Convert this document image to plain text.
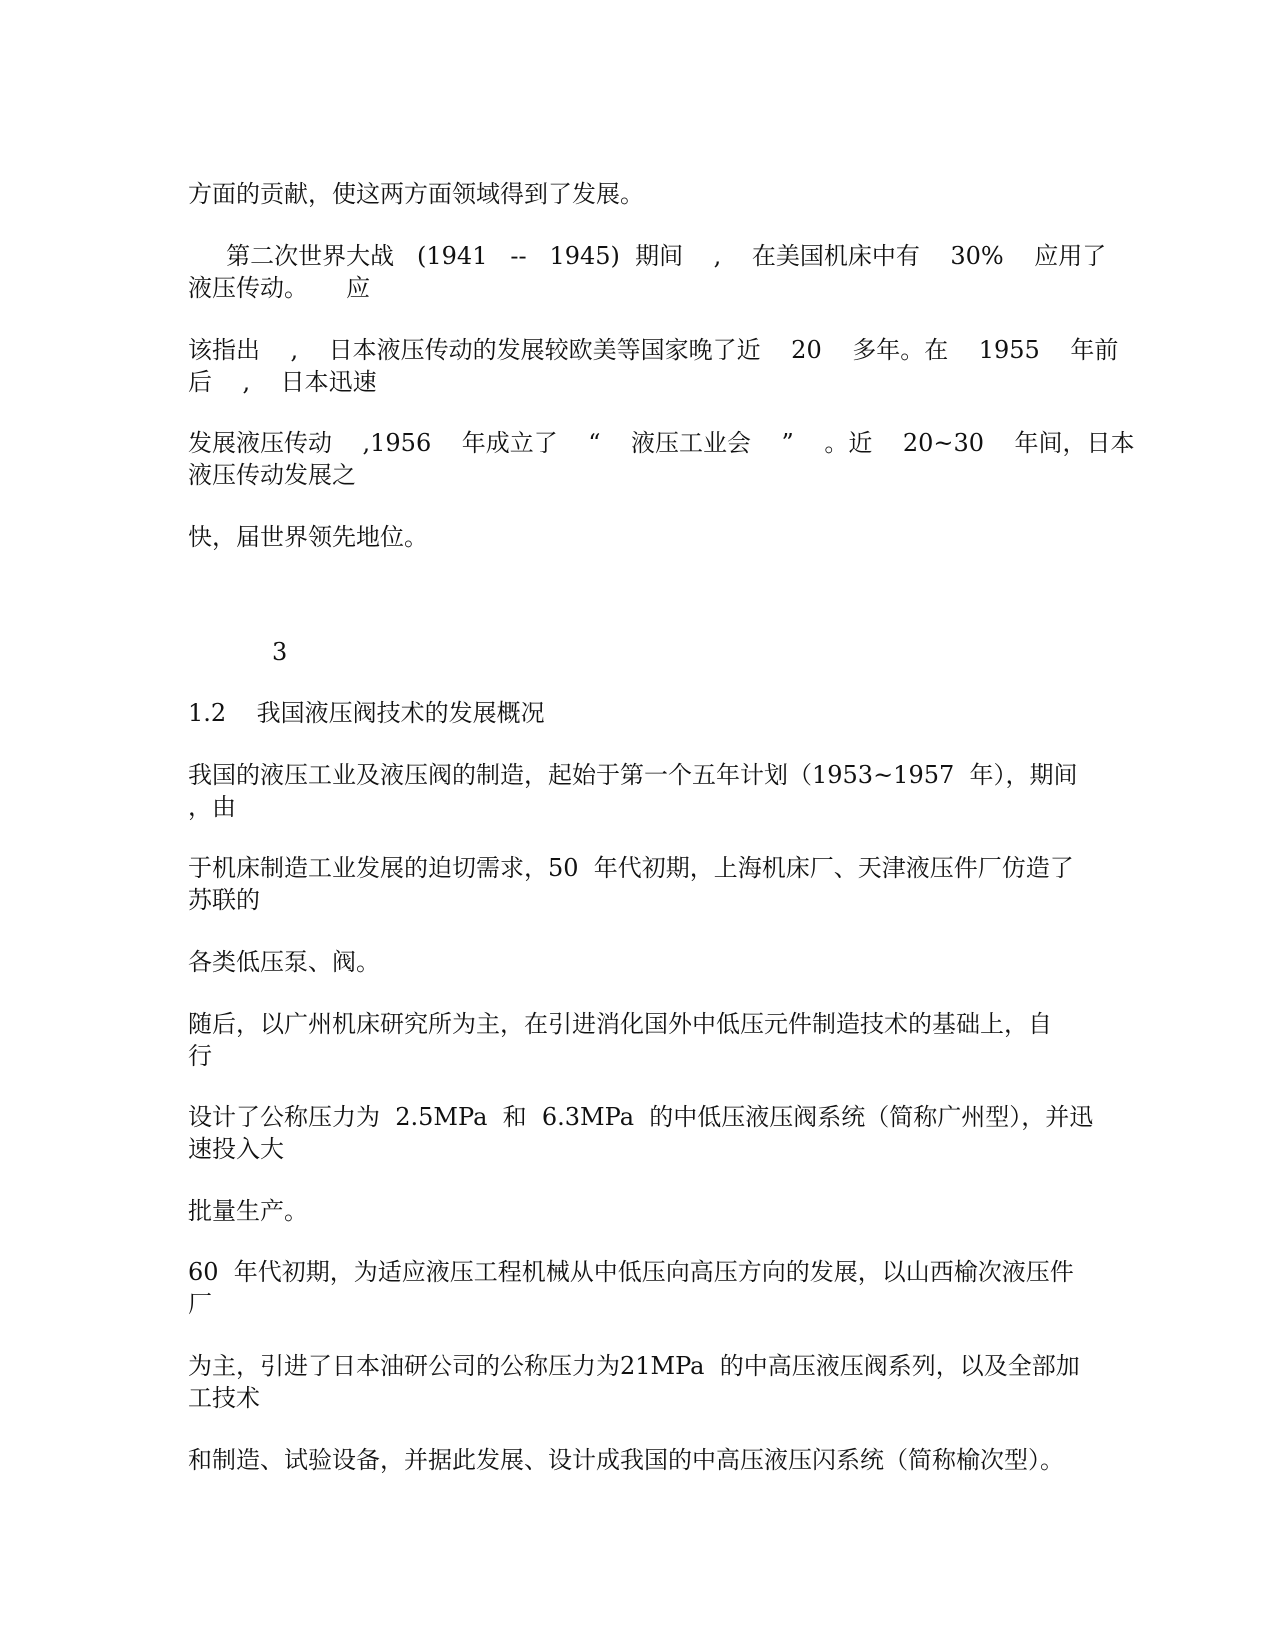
方面的贡献，使这两方面领域得到了发展。
第二次世界大战   (1941   --   1945)  期间    ,    在美国机床中有    30%    应用了
液压传动。     应
该指出    ,    日本液压传动的发展较欧美等国家晚了近    20    多年。在    1955    年前
后    ,    日本迅速
发展液压传动    ,1956    年成立了    “    液压工业会    ”    。近    20~30    年间，日本
液压传动发展之
快，届世界领先地位。
3
1.2    我国液压阀技术的发展概况
我国的液压工业及液压阀的制造，起始于第一个五年计划（1953~1957  年），期间
，由
于机床制造工业发展的迫切需求，50  年代初期，上海机床厂、天津液压件厂仿造了
苏联的
各类低压泵、阀。
随后，以广州机床研究所为主，在引进消化国外中低压元件制造技术的基础上，自
行
设计了公称压力为  2.5MPa  和  6.3MPa  的中低压液压阀系统（简称广州型），并迅
速投入大
批量生产。
60  年代初期，为适应液压工程机械从中低压向高压方向的发展，以山西榆次液压件
厂
为主，引进了日本油研公司的公称压力为21MPa  的中高压液压阀系列，以及全部加
工技术
和制造、试验设备，并据此发展、设计成我国的中高压液压闪系统（简称榆次型）。
